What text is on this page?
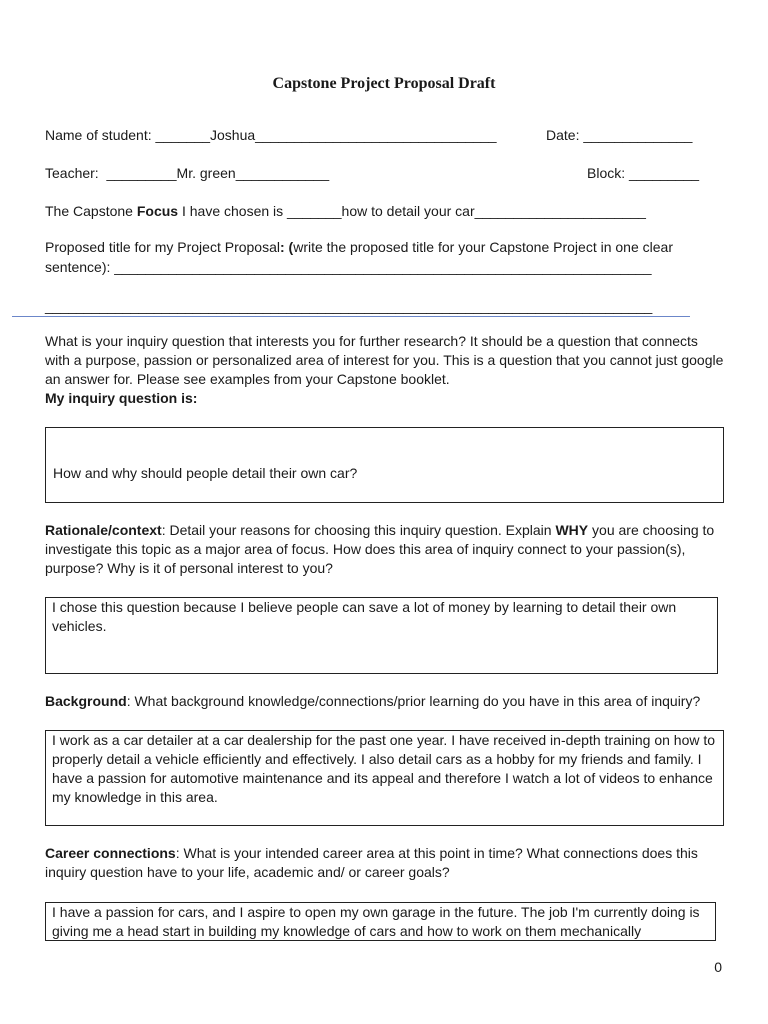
Capstone Project Proposal Draft
Name of student: _______Joshua_______________________________	Date: ______________
Teacher:  _________Mr. green____________	Block: _________
The Capstone Focus I have chosen is _______how to detail your car______________________
Proposed title for my Project Proposal: (write the proposed title for your Capstone Project in one clear
sentence): _____________________________________________________________________
______________________________________________________________________________
What is your inquiry question that interests you for further research? It should be a question that connects with a purpose, passion or personalized area of interest for you. This is a question that you cannot just google an answer for. Please see examples from your Capstone booklet.
My inquiry question is:
How and why should people detail their own car?
Rationale/context: Detail your reasons for choosing this inquiry question. Explain WHY you are choosing to investigate this topic as a major area of focus. How does this area of inquiry connect to your passion(s), purpose? Why is it of personal interest to you?
I chose this question because I believe people can save a lot of money by learning to detail their own vehicles.
Background: What background knowledge/connections/prior learning do you have in this area of inquiry?
I work as a car detailer at a car dealership for the past one year. I have received in-depth training on how to properly detail a vehicle efficiently and effectively. I also detail cars as a hobby for my friends and family. I have a passion for automotive maintenance and its appeal and therefore I watch a lot of videos to enhance my knowledge in this area.
Career connections: What is your intended career area at this point in time? What connections does this inquiry question have to your life, academic and/ or career goals?
I have a passion for cars, and I aspire to open my own garage in the future. The job I'm currently doing is giving me a head start in building my knowledge of cars and how to work on them mechanically
0
